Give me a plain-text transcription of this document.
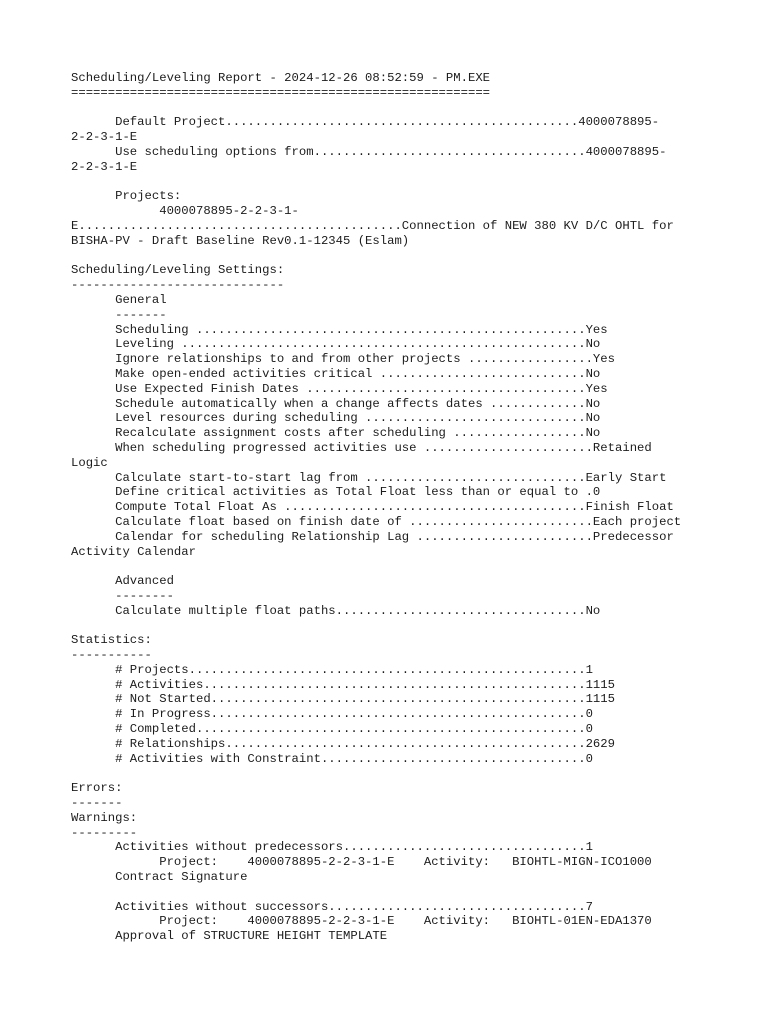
Scheduling/Leveling Report - 2024-12-26 08:52:59 - PM.EXE
=========================================================
Default Project................................................4000078895-
2-2-3-1-E
Use scheduling options from.....................................4000078895-
2-2-3-1-E
Projects:
4000078895-2-2-3-1-
E............................................Connection of NEW 380 KV D/C OHTL for
BISHA-PV - Draft Baseline Rev0.1-12345 (Eslam)
Scheduling/Leveling Settings:
-----------------------------
General
-------
Scheduling .....................................................Yes
Leveling .......................................................No
Ignore relationships to and from other projects .................Yes
Make open-ended activities critical ............................No
Use Expected Finish Dates ......................................Yes
Schedule automatically when a change affects dates .............No
Level resources during scheduling ..............................No
Recalculate assignment costs after scheduling ..................No
When scheduling progressed activities use .......................Retained
Logic
Calculate start-to-start lag from ..............................Early Start
Define critical activities as Total Float less than or equal to .0
Compute Total Float As .........................................Finish Float
Calculate float based on finish date of .........................Each project
Calendar for scheduling Relationship Lag ........................Predecessor
Activity Calendar
Advanced
--------
Calculate multiple float paths..................................No
Statistics:
-----------
# Projects......................................................1
# Activities....................................................1115
# Not Started...................................................1115
# In Progress...................................................0
# Completed.....................................................0
# Relationships.................................................2629
# Activities with Constraint....................................0
Errors:
-------
Warnings:
---------
Activities without predecessors.................................1
Project:    4000078895-2-2-3-1-E    Activity:   BIOHTL-MIGN-ICO1000
Contract Signature
Activities without successors...................................7
Project:    4000078895-2-2-3-1-E    Activity:   BIOHTL-01EN-EDA1370
Approval of STRUCTURE HEIGHT TEMPLATE
